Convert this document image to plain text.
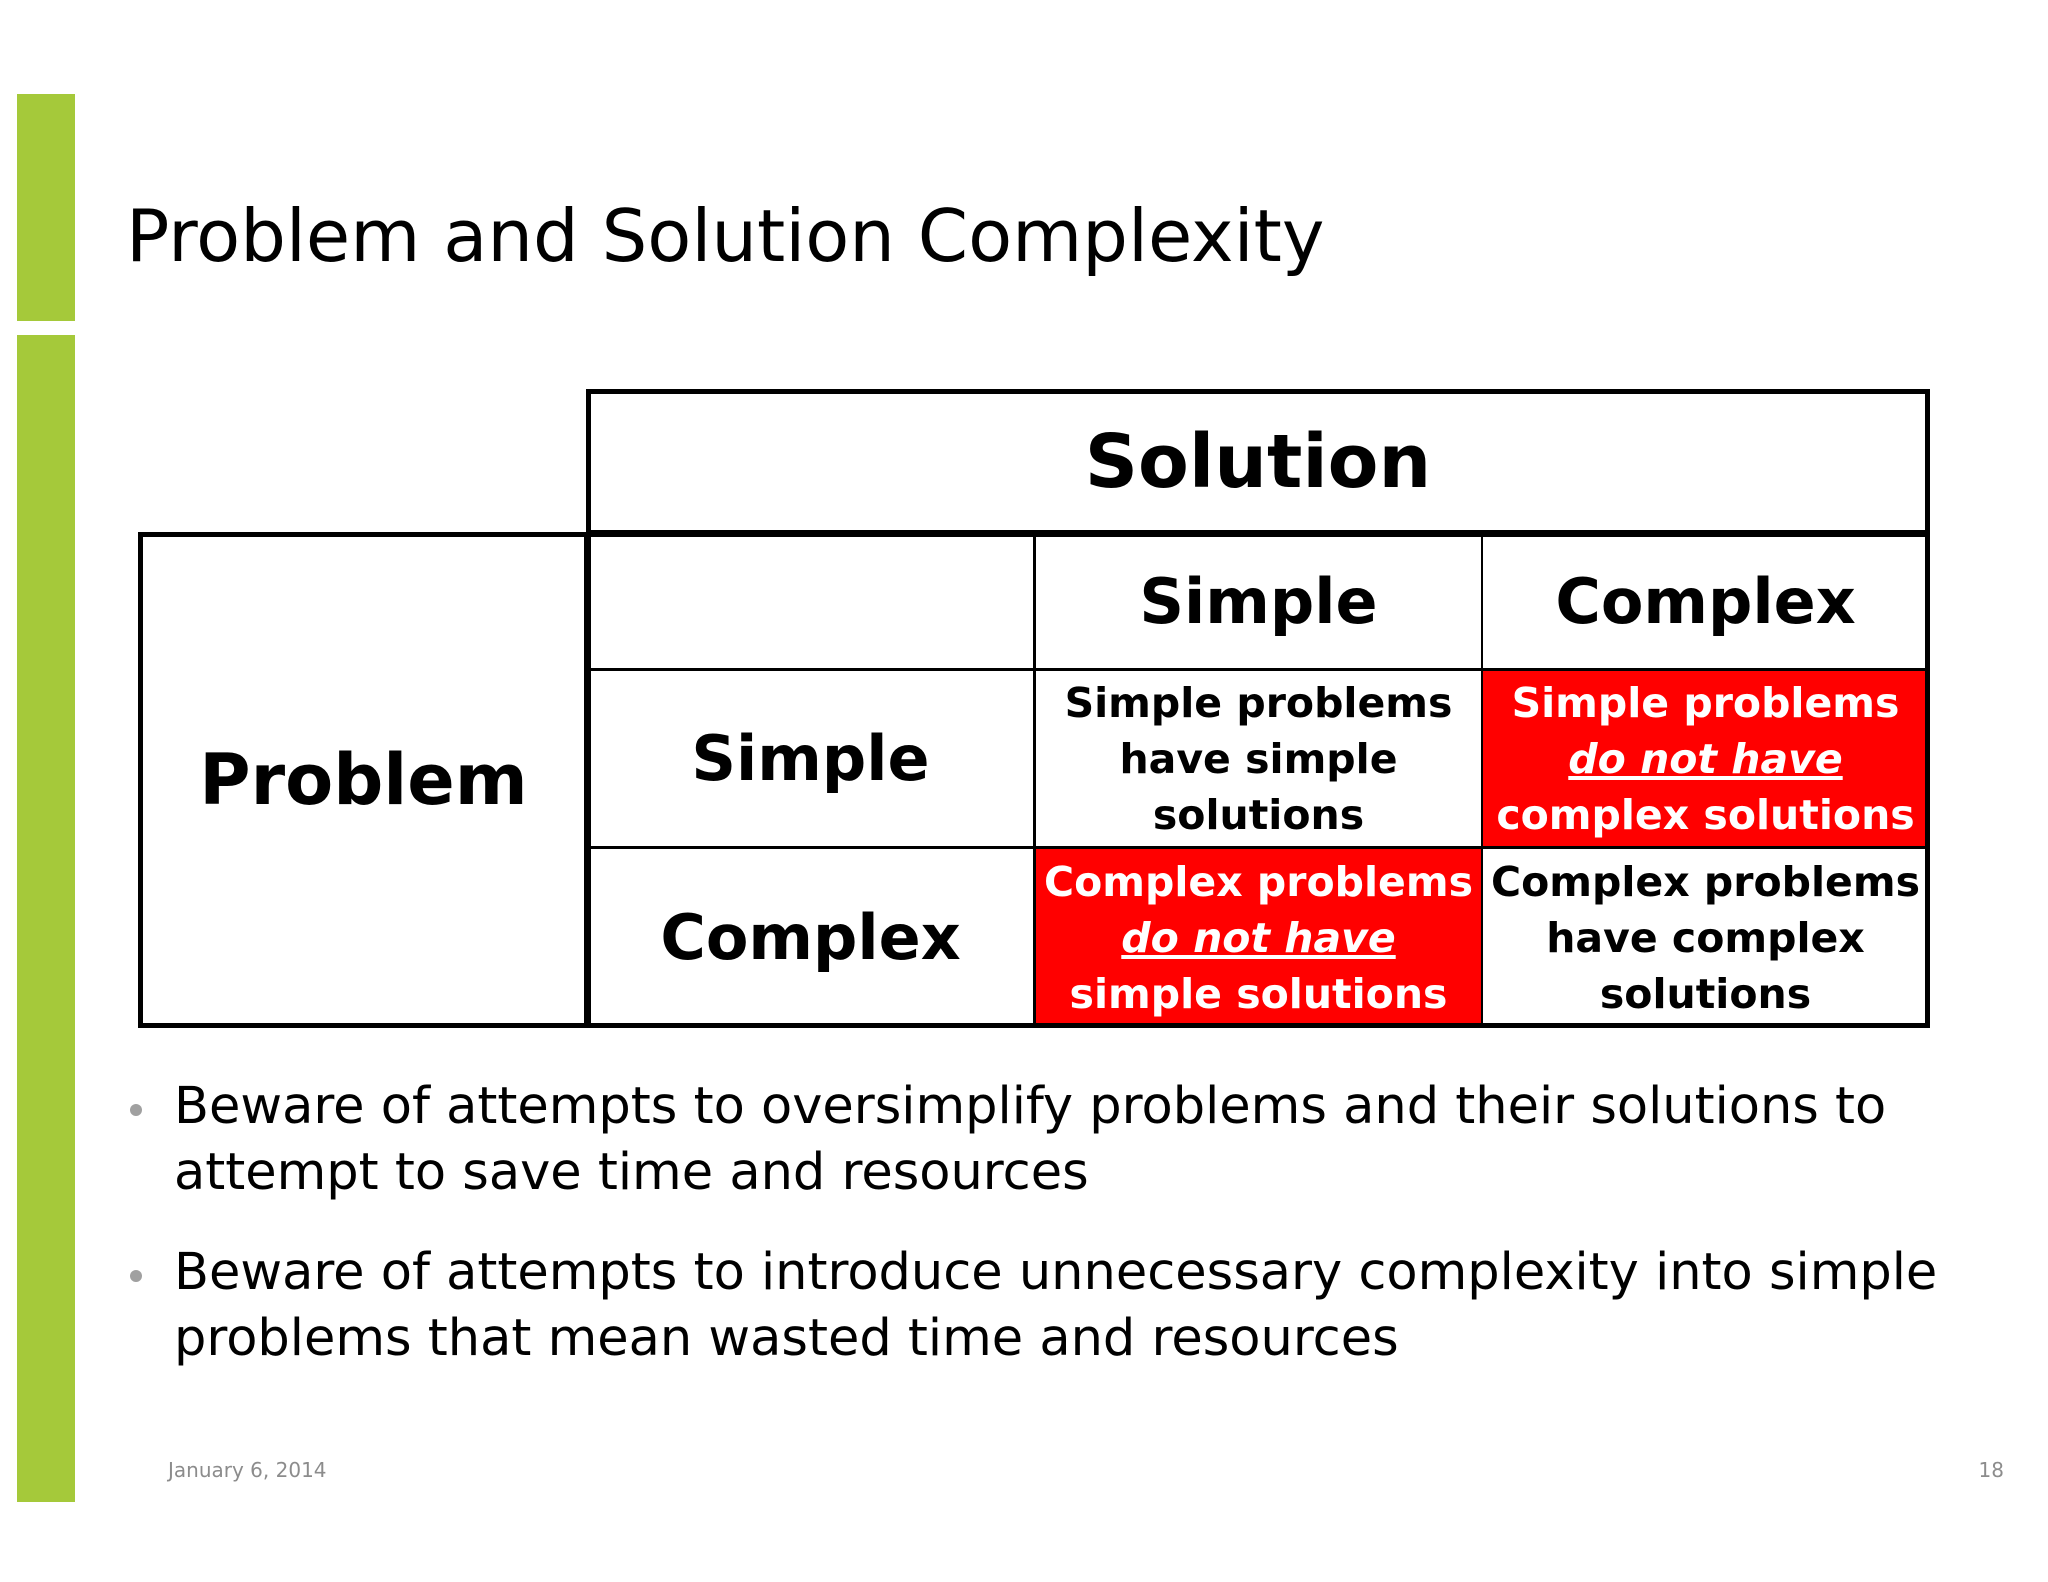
Problem and Solution Complexity
Solution
Problem
Simple	Complex
Simple
Complex
Simple problems have simple solutions
Simple problems do not have complex solutions
Complex problems do not have simple solutions
Complex problems have complex solutions
Beware of attempts to oversimplify problems and their solutions to attempt to save time and resources
Beware of attempts to introduce unnecessary complexity into simple problems that mean wasted time and resources
January 6, 2014	18
